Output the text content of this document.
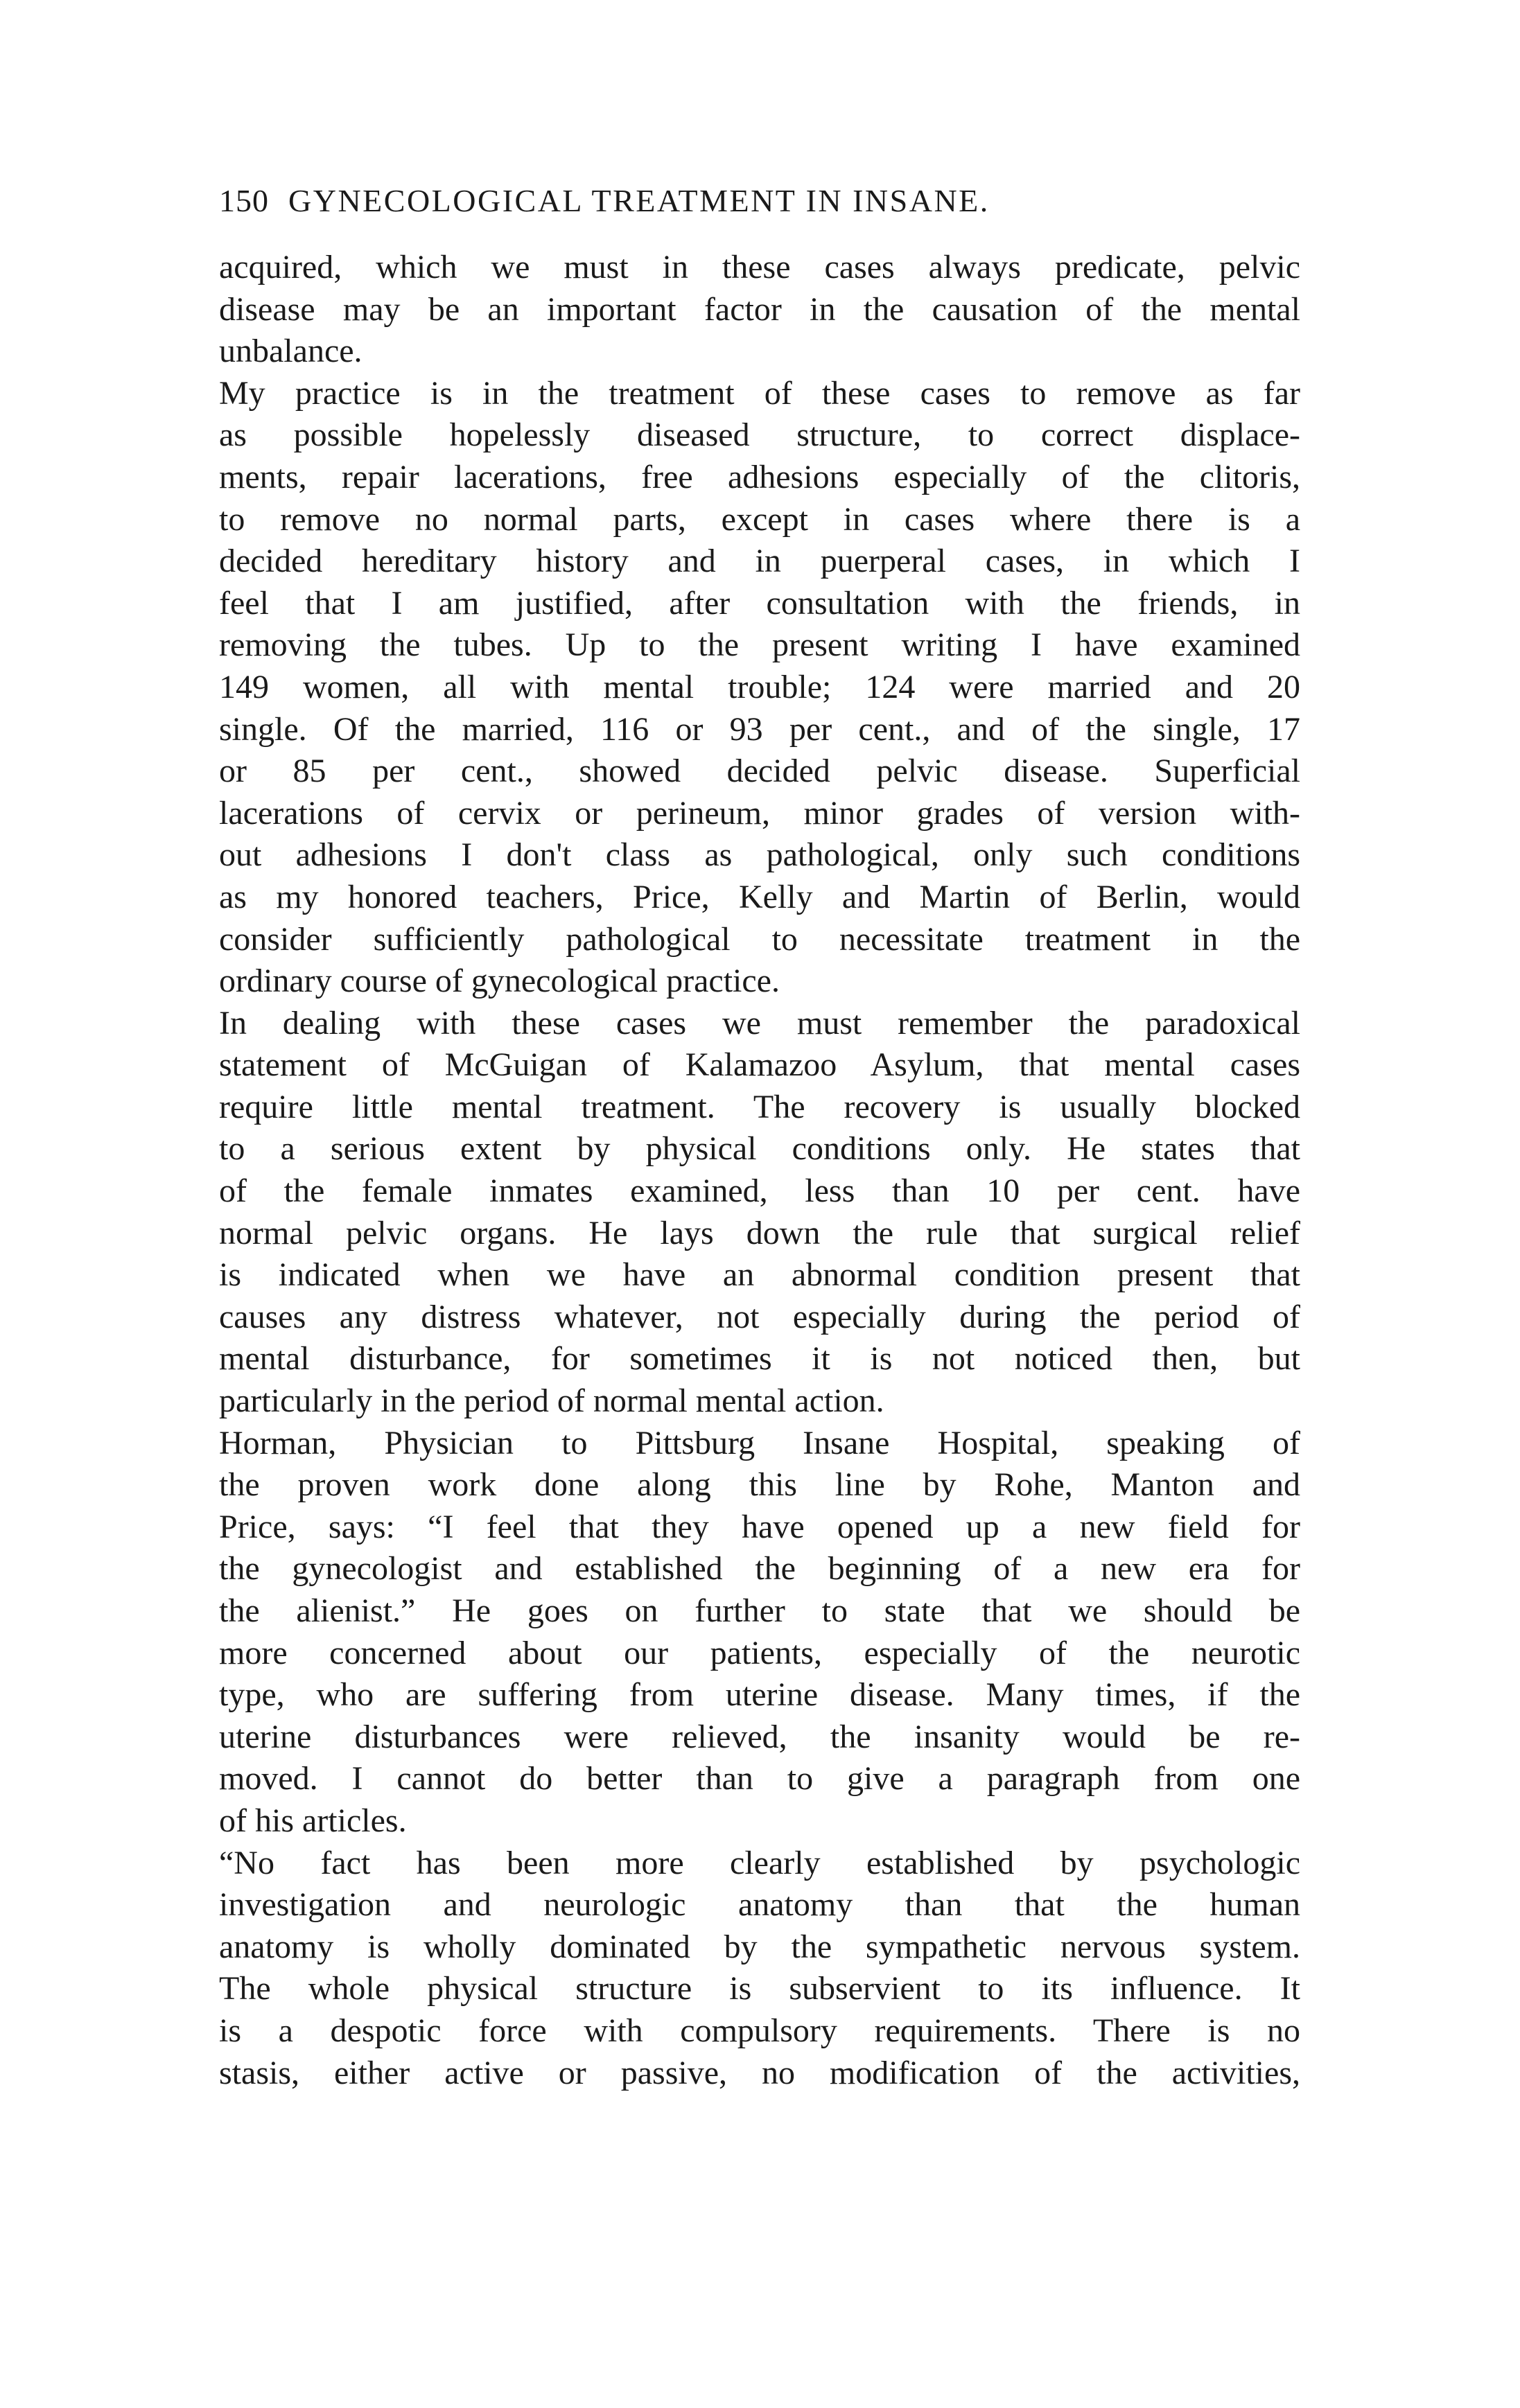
150 GYNECOLOGICAL TREATMENT IN INSANE.

acquired, which we must in these cases always predicate, pelvic

disease may be an important factor in the causation of the mental

unbalance.

My practice is in the treatment of these cases to remove as far

as possible hopelessly diseased structure, to correct displace-

ments, repair lacerations, free adhesions especially of the clitoris,

to remove no normal parts, except in cases where there is a

decided hereditary history and in puerperal cases, in which I

feel that I am justified, after consultation with the friends, in

removing the tubes. Up to the present writing I have examined

149 women, all with mental trouble; 124 were married and 20

single. Of the married, 116 or 93 per cent., and of the single, 17

or 85 per cent., showed decided pelvic disease. Superficial

lacerations of cervix or perineum, minor grades of version with-

out adhesions I don't class as pathological, only such conditions

as my honored teachers, Price, Kelly and Martin of Berlin, would

consider sufficiently pathological to necessitate treatment in the

ordinary course of gynecological practice.

In dealing with these cases we must remember the paradoxical

statement of McGuigan of Kalamazoo Asylum, that mental cases

require little mental treatment. The recovery is usually blocked

to a serious extent by physical conditions only. He states that

of the female inmates examined, less than 10 per cent. have

normal pelvic organs. He lays down the rule that surgical relief

is indicated when we have an abnormal condition present that

causes any distress whatever, not especially during the period of

mental disturbance, for sometimes it is not noticed then, but

particularly in the period of normal mental action.

Horman, Physician to Pittsburg Insane Hospital, speaking of

the proven work done along this line by Rohe, Manton and

Price, says: “I feel that they have opened up a new field for

the gynecologist and established the beginning of a new era for

the alienist.” He goes on further to state that we should be

more concerned about our patients, especially of the neurotic

type, who are suffering from uterine disease. Many times, if the

uterine disturbances were relieved, the insanity would be re-

moved. I cannot do better than to give a paragraph from one

of his articles.

“No fact has been more clearly established by psychologic

investigation and neurologic anatomy than that the human

anatomy is wholly dominated by the sympathetic nervous system.

The whole physical structure is subservient to its influence. It

is a despotic force with compulsory requirements. There is no

stasis, either active or passive, no modification of the activities,
